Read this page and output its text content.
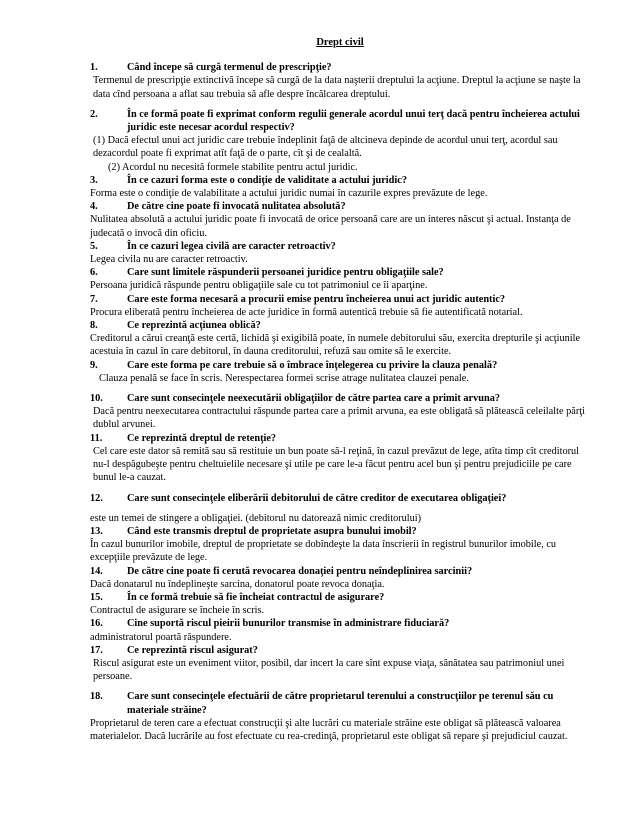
Drept civil
1.	Când începe să curgă termenul de prescripţie?
Termenul de prescripţie extinctivă începe să curgă de la data naşterii dreptului la acţiune. Dreptul la acţiune se naşte la data cînd persoana a aflat sau trebuia să afle despre încălcarea dreptului.
2.	În ce formă poate fi exprimat conform regulii generale acordul unui terţ dacă pentru încheierea actului juridic este necesar acordul respectiv?
(1) Dacă efectul unui act juridic care trebuie îndeplinit faţă de altcineva depinde de acordul unui terţ, acordul sau dezacordul poate fi exprimat atît faţă de o parte, cît şi de cealaltă.
(2) Acordul nu necesită formele stabilite pentru actul juridic.
3.	În ce cazuri forma este o condiţie de validitate a actului juridic?
Forma este o condiţie de valabilitate a actului juridic numai în cazurile expres prevăzute de lege.
4.	De către cine poate fi invocată nulitatea absolută?
Nulitatea absolută a actului juridic poate fi invocată de orice persoană care are un interes născut şi actual. Instanţa de judecată o invocă din oficiu.
5.	În ce cazuri legea civilă are caracter retroactiv?
Legea civila nu are caracter retroactiv.
6.	Care sunt limitele răspunderii persoanei juridice pentru obligaţiile sale?
Persoana juridică răspunde pentru obligaţiile sale cu tot patrimoniul ce îi aparţine.
7.	Care este forma necesară a procurii emise pentru încheierea unui act juridic autentic?
Procura eliberată pentru încheierea de acte juridice în formă autentică trebuie să fie autentificată notarial.
8.	Ce reprezintă acţiunea oblică?
Creditorul a cărui creanţă este certă, lichidă şi exigibilă poate, în numele debitorului său, exercita drepturile şi acţiunile acestuia în cazul în care debitorul, în dauna creditorului, refuză sau omite să le exercite.
9.	Care este forma pe care trebuie să o îmbrace înţelegerea cu privire la clauza penală?
Clauza penală se face în scris. Nerespectarea formei scrise atrage nulitatea clauzei penale.
10.	Care sunt consecinţele neexecutării obligaţiilor de către partea care a primit arvuna?
Dacă pentru neexecutarea contractului răspunde partea care a primit arvuna, ea este obligată să plătească celeilalte părţi dublul arvunei.
11.	Ce reprezintă dreptul de retenţie?
Cel care este dator să remită sau să restituie un bun poate să-l reţină, în cazul prevăzut de lege, atîta timp cît creditorul nu-l despăgubeşte pentru cheltuielile necesare şi utile pe care le-a făcut pentru acel bun şi pentru prejudiciile pe care bunul le-a cauzat.
12.	Care sunt consecinţele eliberării debitorului de către creditor de executarea obligaţiei?
este un temei de stingere a obligaţiei. (debitorul nu datorează nimic creditorului)
13.	Când este transmis dreptul de proprietate asupra bunului imobil?
În cazul bunurilor imobile, dreptul de proprietate se dobîndeşte la data înscrierii în registrul bunurilor imobile, cu excepţiile prevăzute de lege.
14.	De către cine poate fi cerută revocarea donaţiei pentru neîndeplinirea sarcinii?
Dacă donatarul nu îndeplineşte sarcina, donatorul poate revoca donaţia.
15.	În ce formă trebuie să fie încheiat contractul de asigurare?
Contractul de asigurare se încheie în scris.
16.	Cine suportă riscul pieirii bunurilor transmise în administrare fiduciară?
administratorul poartă răspundere.
17.	Ce reprezintă riscul asigurat?
Riscul asigurat este un eveniment viitor, posibil, dar incert la care sînt expuse viaţa, sănătatea sau patrimoniul unei persoane.
18.	Care sunt consecinţele efectuării de către proprietarul terenului a construcţiilor pe terenul său cu materiale străine?
Proprietarul de teren care a efectuat construcţii şi alte lucrări cu materiale străine este obligat să plătească valoarea materialelor. Dacă lucrările au fost efectuate cu rea-credinţă, proprietarul este obligat să repare şi prejudiciul cauzat.
